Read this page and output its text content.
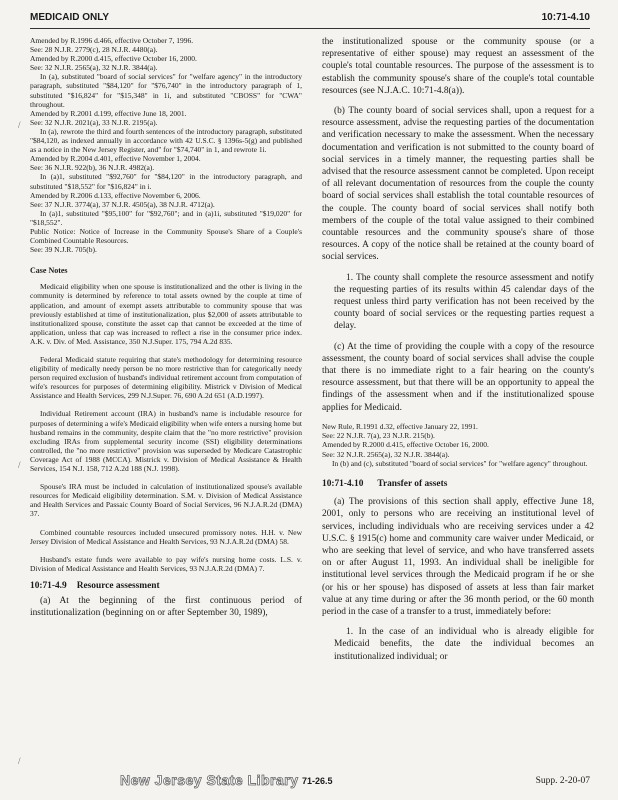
MEDICAID ONLY	10:71-4.10

Amended by R.1996 d.466, effective October 7, 1996.

See: 28 N.J.R. 2779(c), 28 N.J.R. 4480(a).

Amended by R.2000 d.415, effective October 16, 2000.

See: 32 N.J.R. 2565(a), 32 N.J.R. 3844(a).

In (a), substituted "board of social services" for "welfare agency" in the introductory paragraph, substituted "$84,120" for "$76,740" in the introductory paragraph of 1, substituted "$16,824" for "$15,348" in 1i, and substituted "CBOSS" for "CWA" throughout.

Amended by R.2001 d.199, effective June 18, 2001.

See: 32 N.J.R. 2021(a), 33 N.J.R. 2195(a).

In (a), rewrote the third and fourth sentences of the introductory paragraph, substituted "$84,120, as indexed annually in accordance with 42 U.S.C. § 1396s-5(g) and published as a notice in the New Jersey Register, and" for "$74,740" in 1, and rewrote 1i.

Amended by R.2004 d.401, effective November 1, 2004.

See: 36 N.J.R. 922(b), 36 N.J.R. 4982(a).

In (a)1, substituted "$92,760" for "$84,120" in the introductory paragraph, and substituted "$18,552" for "$16,824" in i.

Amended by R.2006 d.133, effective November 6, 2006.

See: 37 N.J.R. 3774(a), 37 N.J.R. 4505(a), 38 N.J.R. 4712(a).

In (a)1, substituted "$95,100" for "$92,760"; and in (a)1i, substituted "$19,020" for "$18,552".

Public Notice: Notice of Increase in the Community Spouse's Share of a Couple's Combined Countable Resources.

See: 39 N.J.R. 705(b).

Case Notes

Medicaid eligibility when one spouse is institutionalized and the other is living in the community is determined by reference to total assets owned by the couple at time of application, and amount of exempt assets attributable to community spouse that was previously established at time of institutionalization, plus $2,000 of assets attributable to institutionalized spouse, constitute the asset cap that cannot be exceeded at the time of application, unless that cap was increased to reflect a rise in the consumer price index. A.K. v. Div. of Med. Assistance, 350 N.J.Super. 175, 794 A.2d 835.

Federal Medicaid statute requiring that state's methodology for determining resource eligibility of medically needy person be no more restrictive than for categorically needy person required exclusion of husband's individual retirement account from computation of wife's resources for purposes of determining eligibility. Mistrick v Division of Medical Assistance and Health Services, 299 N.J.Super. 76, 690 A.2d 651 (A.D.1997).

Individual Retirement account (IRA) in husband's name is includable resource for purposes of determining a wife's Medicaid eligibility when wife enters a nursing home but husband remains in the community, despite claim that the "no more restrictive" provision excluding IRAs from supplemental security income (SSI) eligibility determinations controlled, the "no more restrictive" provision was superseded by Medicare Catastrophic Coverage Act of 1988 (MCCA). Mistrick v. Division of Medical Assistance & Health Services, 154 N.J. 158, 712 A.2d 188 (N.J. 1998).

Spouse's IRA must be included in calculation of institutionalized spouse's available resources for Medicaid eligibility determination. S.M. v. Division of Medical Assistance and Health Services and Passaic County Board of Social Services, 96 N.J.A.R.2d (DMA) 37.

Combined countable resources included unsecured promissory notes. H.H. v. New Jersey Division of Medical Assistance and Health Services, 93 N.J.A.R.2d (DMA) 58.

Husband's estate funds were available to pay wife's nursing home costs. L.S. v. Division of Medical Assistance and Health Services, 93 N.J.A.R.2d (DMA) 7.

10:71-4.9 Resource assessment

(a) At the beginning of the first continuous period of institutionalization (beginning on or after September 30, 1989),

the institutionalized spouse or the community spouse (or a representative of either spouse) may request an assessment of the couple's total countable resources. The purpose of the assessment is to establish the community spouse's share of the couple's total countable resources (see N.J.A.C. 10:71-4.8(a)).

(b) The county board of social services shall, upon a request for a resource assessment, advise the requesting parties of the documentation and verification necessary to make the assessment. When the necessary documentation and verification is not submitted to the county board of social services in a timely manner, the requesting parties shall be advised that the resource assessment cannot be completed. Upon receipt of all relevant documentation of resources from the couple the county board of social services shall establish the total countable resources of the couple. The county board of social services shall notify both members of the couple of the total value assigned to their combined countable resources and the community spouse's share of those resources. A copy of the notice shall be retained at the county board of social services.

1. The county shall complete the resource assessment and notify the requesting parties of its results within 45 calendar days of the request unless third party verification has not been received by the county board of social services or the requesting parties request a delay.

(c) At the time of providing the couple with a copy of the resource assessment, the county board of social services shall advise the couple that there is no immediate right to a fair hearing on the county's resource assessment, but that there will be an opportunity to appeal the findings of the assessment when and if the institutionalized spouse applies for Medicaid.

New Rule, R.1991 d.32, effective January 22, 1991.

See: 22 N.J.R. 7(a), 23 N.J.R. 215(b).

Amended by R.2000 d.415, effective October 16, 2000.

See: 32 N.J.R. 2565(a), 32 N.J.R. 3844(a).

In (b) and (c), substituted "board of social services" for "welfare agency" throughout.

10:71-4.10 Transfer of assets

(a) The provisions of this section shall apply, effective June 18, 2001, only to persons who are receiving an institutional level of services, including individuals who are receiving services under a 42 U.S.C. § 1915(c) home and community care waiver under Medicaid, or who are seeking that level of service, and who have transferred assets on or after August 11, 1993. An individual shall be ineligible for institutional level services through the Medicaid program if he or she (or his or her spouse) has disposed of assets at less than fair market value at any time during or after the 36 month period, or the 60 month period in the case of a transfer to a trust, immediately before:

1. In the case of an individual who is already eligible for Medicaid benefits, the date the individual becomes an institutionalized individual; or

/
/
/
New Jersey State Library 71-26.5	Supp. 2-20-07
